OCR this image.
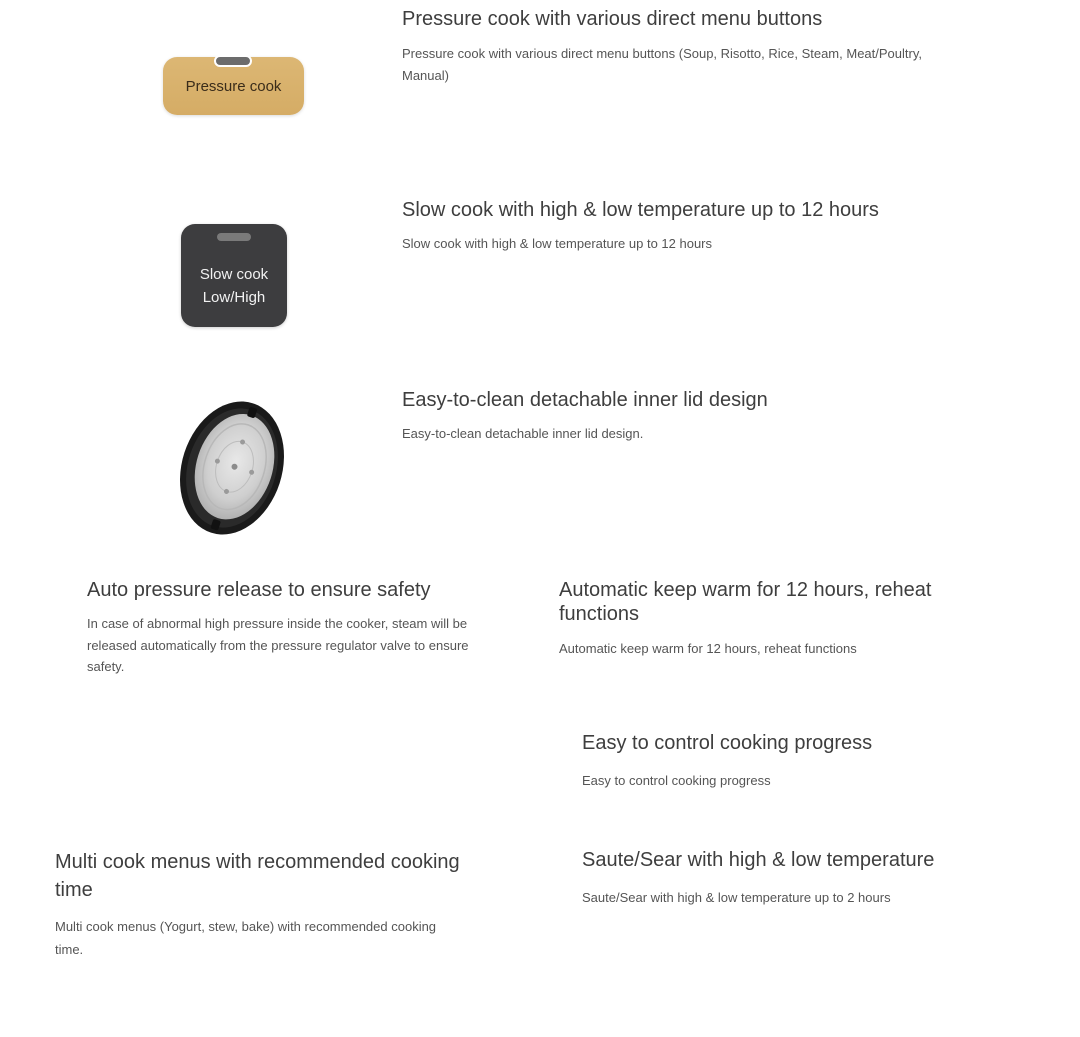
Pressure cook
Pressure cook with various direct menu buttons

Pressure cook with various direct menu buttons (Soup, Risotto, Rice, Steam, Meat/Poultry,
Manual)

Slow cook
Low/High
Slow cook with high & low temperature up to 12 hours

Slow cook with high & low temperature up to 12 hours

Easy-to-clean detachable inner lid design

Easy-to-clean detachable inner lid design.

Auto pressure release to ensure safety

In case of abnormal high pressure inside the cooker, steam will be
released automatically from the pressure regulator valve to ensure
safety.

Automatic keep warm for 12 hours, reheat
functions

Automatic keep warm for 12 hours, reheat functions

Easy to control cooking progress

Easy to control cooking progress

Multi cook menus with recommended cooking
time

Multi cook menus (Yogurt, stew, bake) with recommended cooking
time.

Saute/Sear with high & low temperature

Saute/Sear with high & low temperature up to 2 hours
